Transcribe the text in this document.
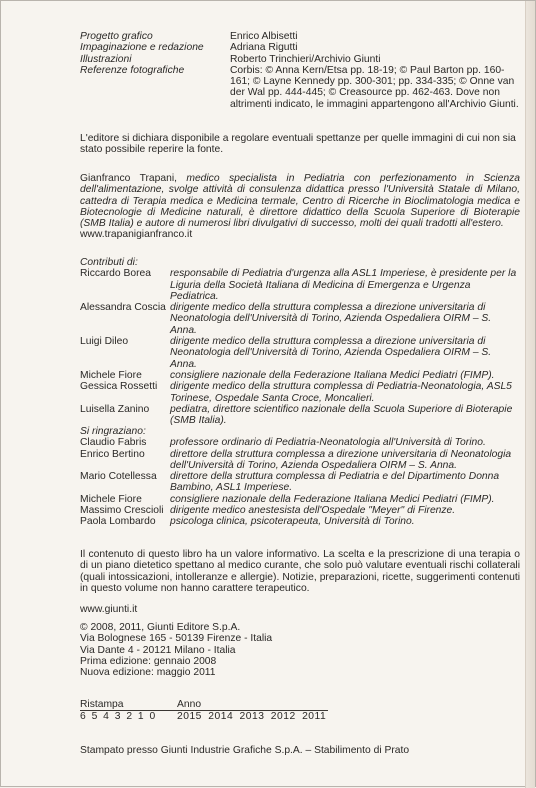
Progetto grafico	Enrico Albisetti
Impaginazione e redazione	Adriana Rigutti
Illustrazioni	Roberto Trinchieri/Archivio Giunti
Referenze fotografiche	Corbis: © Anna Kern/Etsa pp. 18-19; © Paul Barton pp. 160-161; © Layne Kennedy pp. 300-301; pp. 334-335; © Onne van der Wal pp. 444-445; © Creasource pp. 462-463. Dove non altrimenti indicato, le immagini appartengono all'Archivio Giunti.
L'editore si dichiara disponibile a regolare eventuali spettanze per quelle immagini di cui non sia stato possibile reperire la fonte.
Gianfranco Trapani, medico specialista in Pediatria con perfezionamento in Scienza dell'alimentazione, svolge attività di consulenza didattica presso l'Università Statale di Milano, cattedra di Terapia medica e Medicina termale, Centro di Ricerche in Bioclimatologia medica e Biotecnologie di Medicine naturali, è direttore didattico della Scuola Superiore di Bioterapie (SMB Italia) e autore di numerosi libri divulgativi di successo, molti dei quali tradotti all'estero.
www.trapanigianfranco.it
Contributi di:
Riccardo Borea	responsabile di Pediatria d'urgenza alla ASL1 Imperiese, è presidente per la Liguria della Società Italiana di Medicina di Emergenza e Urgenza Pediatrica.
Alessandra Coscia dirigente medico della struttura complessa a direzione universitaria di Neonatologia dell'Università di Torino, Azienda Ospedaliera OIRM – S. Anna.
Luigi Dileo	dirigente medico della struttura complessa a direzione universitaria di Neonatologia dell'Università di Torino, Azienda Ospedaliera OIRM – S. Anna.
Michele Fiore	consigliere nazionale della Federazione Italiana Medici Pediatri (FIMP).
Gessica Rossetti	dirigente medico della struttura complessa di Pediatria-Neonatologia, ASL5 Torinese, Ospedale Santa Croce, Moncalieri.
Luisella Zanino	pediatra, direttore scientifico nazionale della Scuola Superiore di Bioterapie (SMB Italia).
Si ringraziano:
Claudio Fabris	professore ordinario di Pediatria-Neonatologia all'Università di Torino.
Enrico Bertino	direttore della struttura complessa a direzione universitaria di Neonatologia dell'Università di Torino, Azienda Ospedaliera OIRM – S. Anna.
Mario Cotellessa	direttore della struttura complessa di Pediatria e del Dipartimento Donna Bambino, ASL1 Imperiese.
Michele Fiore	consigliere nazionale della Federazione Italiana Medici Pediatri (FIMP).
Massimo Crescioli dirigente medico anestesista dell'Ospedale "Meyer" di Firenze.
Paola Lombardo	psicologa clinica, psicoterapeuta, Università di Torino.
Il contenuto di questo libro ha un valore informativo. La scelta e la prescrizione di una terapia o di un piano dietetico spettano al medico curante, che solo può valutare eventuali rischi collaterali (quali intossicazioni, intolleranze e allergie). Notizie, preparazioni, ricette, suggerimenti contenuti in questo volume non hanno carattere terapeutico.
www.giunti.it
© 2008, 2011, Giunti Editore S.p.A.
Via Bolognese 165 - 50139 Firenze - Italia
Via Dante 4 - 20121 Milano - Italia
Prima edizione: gennaio 2008
Nuova edizione: maggio 2011
Ristampa	Anno
6 5 4 3 2 1 0	2015 2014 2013 2012 2011
Stampato presso Giunti Industrie Grafiche S.p.A. – Stabilimento di Prato
